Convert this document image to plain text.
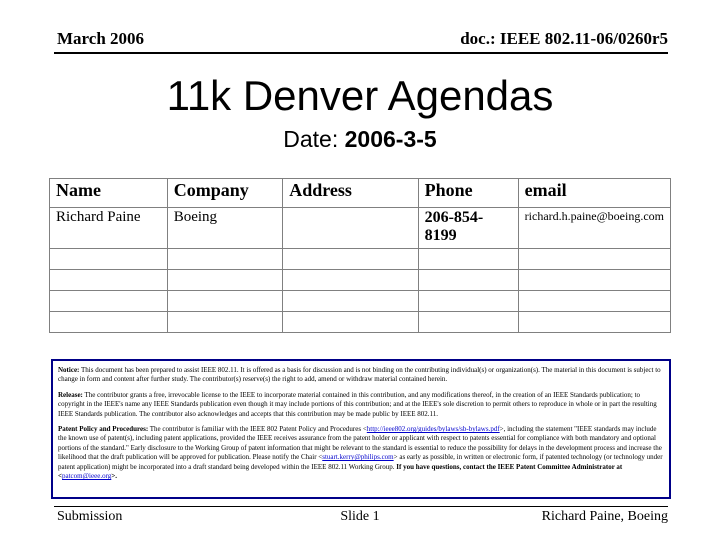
March 2006	doc.: IEEE 802.11-06/0260r5
11k Denver Agendas
Date: 2006-3-5
Name	Company	Address	Phone	email
Richard Paine	Boeing		206-854-8199	richard.h.paine@boeing.com

Notice: This document has been prepared to assist IEEE 802.11. It is offered as a basis for discussion and is not binding on the contributing individual(s) or organization(s). The material in this document is subject to change in form and content after further study. The contributor(s) reserve(s) the right to add, amend or withdraw material contained herein.

Release: The contributor grants a free, irrevocable license to the IEEE to incorporate material contained in this contribution, and any modifications thereof, in the creation of an IEEE Standards publication; to copyright in the IEEE's name any IEEE Standards publication even though it may include portions of this contribution; and at the IEEE's sole discretion to permit others to reproduce in whole or in part the resulting IEEE Standards publication. The contributor also acknowledges and accepts that this contribution may be made public by IEEE 802.11.

Patent Policy and Procedures: The contributor is familiar with the IEEE 802 Patent Policy and Procedures <http://ieee802.org/guides/bylaws/sb-bylaws.pdf>, including the statement "IEEE standards may include the known use of patent(s), including patent applications, provided the IEEE receives assurance from the patent holder or applicant with respect to patents essential for compliance with both mandatory and optional portions of the standard." Early disclosure to the Working Group of patent information that might be relevant to the standard is essential to reduce the possibility for delays in the development process and increase the likelihood that the draft publication will be approved for publication. Please notify the Chair <stuart.kerry@philips.com> as early as possible, in written or electronic form, if patented technology (or technology under patent application) might be incorporated into a draft standard being developed within the IEEE 802.11 Working Group. If you have questions, contact the IEEE Patent Committee Administrator at <patcom@ieee.org>.

Submission	Slide 1	Richard Paine, Boeing
